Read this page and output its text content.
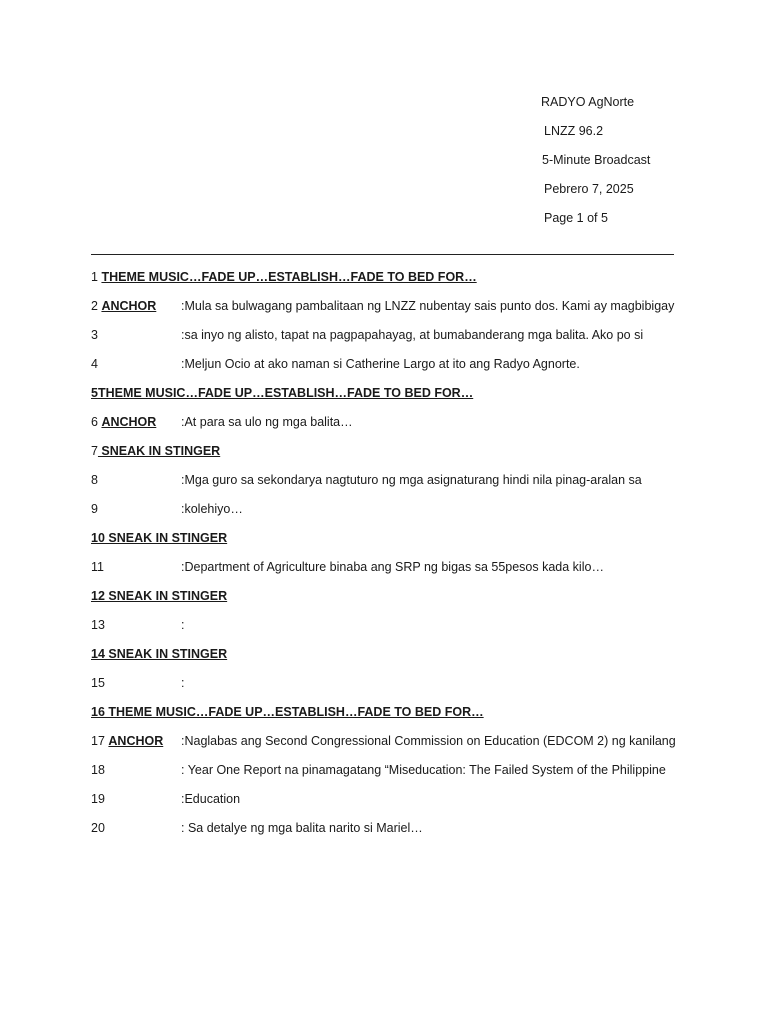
RADYO AgNorte
LNZZ 96.2
5-Minute Broadcast
Pebrero 7, 2025
Page 1 of 5
1 THEME MUSIC…FADE UP…ESTABLISH…FADE TO BED FOR…
2 ANCHOR :Mula sa bulwagang pambalitaan ng LNZZ nubentay sais punto dos. Kami ay magbibigay
3	:sa inyo ng alisto, tapat na pagpapahayag, at bumabanderang mga balita. Ako po si
4	:Meljun Ocio at ako naman si Catherine Largo at ito ang Radyo Agnorte.
5THEME MUSIC…FADE UP…ESTABLISH…FADE TO BED FOR…
6 ANCHOR :At para sa ulo ng mga balita…
7 SNEAK IN STINGER
8	:Mga guro sa sekondarya nagtuturo ng mga asignaturang hindi nila pinag-aralan sa
9	:kolehiyo…
10 SNEAK IN STINGER
11	:Department of Agriculture binaba ang SRP ng bigas sa 55pesos kada kilo…
12 SNEAK IN STINGER
13	:
14 SNEAK IN STINGER
15	:
16 THEME MUSIC…FADE UP…ESTABLISH…FADE TO BED FOR…
17 ANCHOR :Naglabas ang Second Congressional Commission on Education (EDCOM 2) ng kanilang
18	: Year One Report na pinamagatang “Miseducation: The Failed System of the Philippine
19	:Education
20	: Sa detalye ng mga balita narito si Mariel…
